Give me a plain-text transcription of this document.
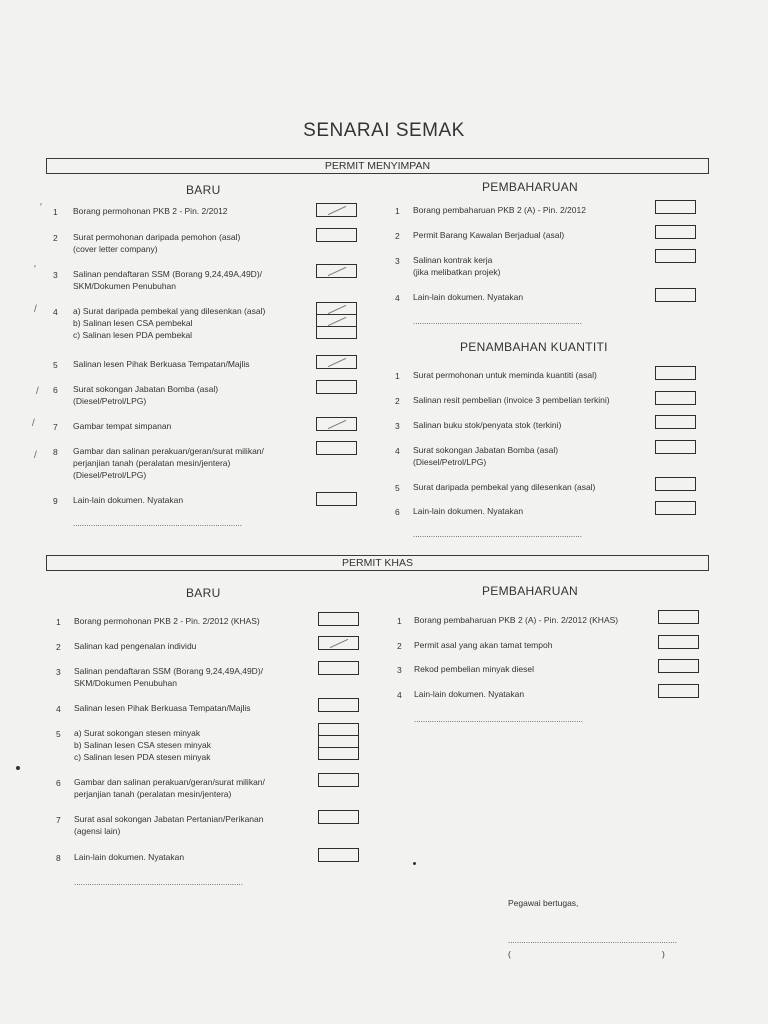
SENARAI SEMAK
PERMIT MENYIMPAN
BARU	PEMBAHARUAN
1 Borang permohonan PKB 2 - Pin. 2/2012
2 Surat permohonan daripada pemohon (asal)
(cover letter company)
3 Salinan pendaftaran SSM (Borang 9,24,49A,49D)/
SKM/Dokumen Penubuhan
4 a) Surat daripada pembekal yang dilesenkan (asal)
b) Salinan lesen CSA pembekal
c) Salinan lesen PDA pembekal
5 Salinan lesen Pihak Berkuasa Tempatan/Majlis
6 Surat sokongan Jabatan Bomba (asal)
(Diesel/Petrol/LPG)
7 Gambar tempat simpanan
8 Gambar dan salinan perakuan/geran/surat milikan/
perjanjian tanah (peralatan mesin/jentera)
(Diesel/Petrol/LPG)
9 Lain-lain dokumen. Nyatakan
............................................................................
1 Borang pembaharuan PKB 2 (A) - Pin. 2/2012
2 Permit Barang Kawalan Berjadual (asal)
3 Salinan kontrak kerja
(jika melibatkan projek)
4 Lain-lain dokumen. Nyatakan
............................................................................
PENAMBAHAN KUANTITI
1 Surat permohonan untuk meminda kuantiti (asal)
2 Salinan resit pembelian (invoice 3 pembelian terkini)
3 Salinan buku stok/penyata stok (terkini)
4 Surat sokongan Jabatan Bomba (asal)
(Diesel/Petrol/LPG)
5 Surat daripada pembekal yang dilesenkan (asal)
6 Lain-lain dokumen. Nyatakan
............................................................................
PERMIT KHAS
BARU	PEMBAHARUAN
1 Borang permohonan PKB 2 - Pin. 2/2012 (KHAS)
2 Salinan kad pengenalan individu
3 Salinan pendaftaran SSM (Borang 9,24,49A,49D)/
SKM/Dokumen Penubuhan
4 Salinan lesen Pihak Berkuasa Tempatan/Majlis
5 a) Surat sokongan stesen minyak
b) Salinan lesen CSA stesen minyak
c) Salinan lesen PDA stesen minyak
6 Gambar dan salinan perakuan/geran/surat milikan/
perjanjian tanah (peralatan mesin/jentera)
7 Surat asal sokongan Jabatan Pertanian/Perikanan
(agensi lain)
8 Lain-lain dokumen. Nyatakan
............................................................................
1 Borang pembaharuan PKB 2 (A) - Pin. 2/2012 (KHAS)
2 Permit asal yang akan tamat tempoh
3 Rekod pembelian minyak diesel
4 Lain-lain dokumen. Nyatakan
............................................................................
Pegawai bertugas,
............................................................................
(	)
′
′
/
/
/
/
